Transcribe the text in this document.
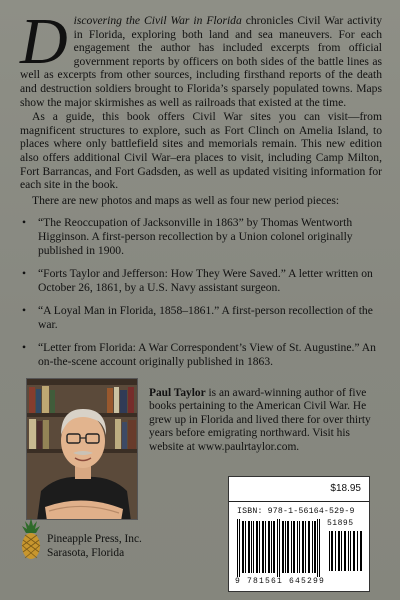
Discovering the Civil War in Florida chronicles Civil War activity in Florida, exploring both land and sea maneuvers. For each engagement the author has included excerpts from official government reports by officers on both sides of the battle lines as well as excerpts from other sources, including firsthand reports of the death and destruction soldiers brought to Florida’s sparsely populated towns. Maps show the major skirmishes as well as railroads that existed at the time.

As a guide, this book offers Civil War sites you can visit—from magnificent structures to explore, such as Fort Clinch on Amelia Island, to places where only battlefield sites and memorials remain. This new edition also offers additional Civil War–era places to visit, including Camp Milton, Fort Barrancas, and Fort Gadsden, as well as updated visiting information for each site in the book.

There are new photos and maps as well as four new period pieces:

• “The Reoccupation of Jacksonville in 1863” by Thomas Wentworth Higginson. A first-person recollection by a Union colonel originally published in 1900.
• “Forts Taylor and Jefferson: How They Were Saved.” A letter written on October 26, 1861, by a U.S. Navy assistant surgeon.
• “A Loyal Man in Florida, 1858–1861.” A first-person recollection of the war.
• “Letter from Florida: A War Correspondent’s View of St. Augustine.” An on-the-scene account originally published in 1863.
Paul Taylor is an award-winning author of five books pertaining to the American Civil War. He grew up in Florida and lived there for over thirty years before emigrating northward. Visit his website at www.paulrtaylor.com.
$18.95
ISBN: 978-1-56164-529-9
51895
9 781561 645299
Pineapple Press, Inc.
Sarasota, Florida
